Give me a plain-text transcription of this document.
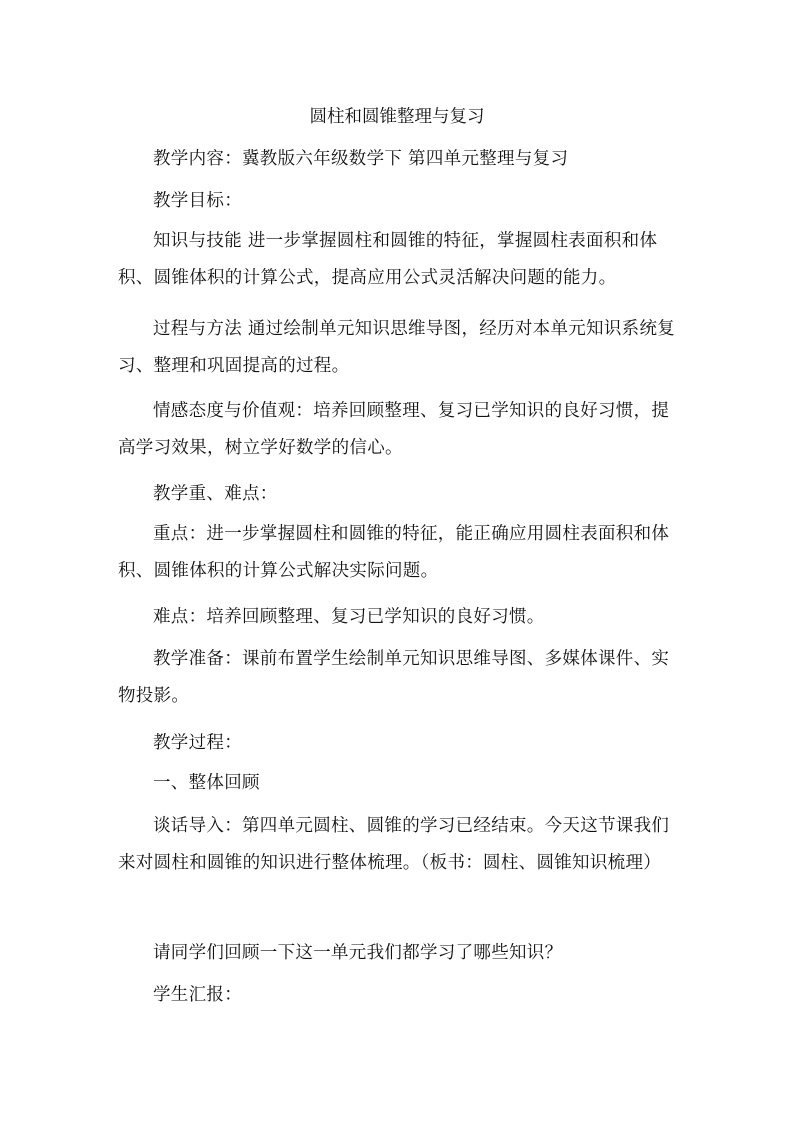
圆柱和圆锥整理与复习

教学内容：冀教版六年级数学下 第四单元整理与复习

教学目标：

知识与技能 进一步掌握圆柱和圆锥的特征，掌握圆柱表面积和体积、圆锥体积的计算公式，提高应用公式灵活解决问题的能力。

过程与方法 通过绘制单元知识思维导图，经历对本单元知识系统复习、整理和巩固提高的过程。

情感态度与价值观：培养回顾整理、复习已学知识的良好习惯，提高学习效果，树立学好数学的信心。

教学重、难点：

重点：进一步掌握圆柱和圆锥的特征，能正确应用圆柱表面积和体积、圆锥体积的计算公式解决实际问题。

难点：培养回顾整理、复习已学知识的良好习惯。

教学准备：课前布置学生绘制单元知识思维导图、多媒体课件、实物投影。

教学过程：

一、整体回顾

谈话导入：第四单元圆柱、圆锥的学习已经结束。今天这节课我们来对圆柱和圆锥的知识进行整体梳理。（板书：圆柱、圆锥知识梳理）

请同学们回顾一下这一单元我们都学习了哪些知识？

学生汇报：
